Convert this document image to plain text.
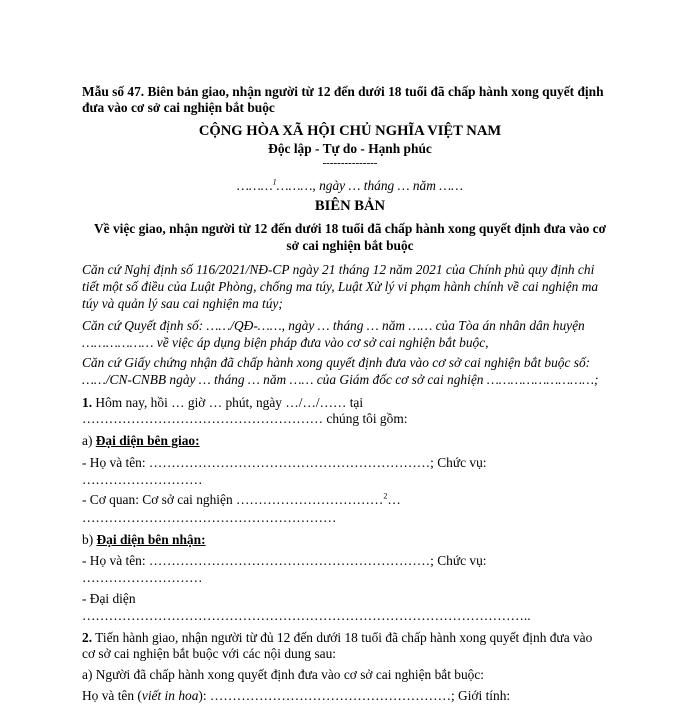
Mẫu số 47. Biên bản giao, nhận người từ 12 đến dưới 18 tuổi đã chấp hành xong quyết định
đưa vào cơ sở cai nghiện bắt buộc
CỘNG HÒA XÃ HỘI CHỦ NGHĨA VIỆT NAM
Độc lập - Tự do - Hạnh phúc
---------------
………$^1$………, ngày … tháng … năm ……
BIÊN BẢN
Về việc giao, nhận người từ 12 đến dưới 18 tuổi đã chấp hành xong quyết định đưa vào cơ
sở cai nghiện bắt buộc
Căn cứ Nghị định số 116/2021/NĐ-CP ngày 21 tháng 12 năm 2021 của Chính phủ quy định chi
tiết một số điều của Luật Phòng, chống ma túy, Luật Xử lý vi phạm hành chính về cai nghiện ma
túy và quản lý sau cai nghiện ma túy;
Căn cứ Quyết định số: ……/QĐ-……, ngày … tháng … năm …… của Tòa án nhân dân huyện
……………… về việc áp dụng biện pháp đưa vào cơ sở cai nghiện bắt buộc,
Căn cứ Giấy chứng nhận đã chấp hành xong quyết định đưa vào cơ sở cai nghiện bắt buộc số:
……/CN-CNBB ngày … tháng … năm …… của Giám đốc cơ sở cai nghiện ………………………;
1. Hôm nay, hồi … giờ … phút, ngày …/…/…… tại
……………………………………………… chúng tôi gồm:
a) Đại diện bên giao:
- Họ và tên: ………………………………………………………; Chức vụ:
………………………
- Cơ quan: Cơ sở cai nghiện ……………………………$^2$…
…………………………………………………
b) Đại diện bên nhận:
- Họ và tên: ………………………………………………………; Chức vụ:
………………………
- Đại diện
………………………………………………………………………………………..
2. Tiến hành giao, nhận người từ đủ 12 đến dưới 18 tuổi đã chấp hành xong quyết định đưa vào
cơ sở cai nghiện bắt buộc với các nội dung sau:
a) Người đã chấp hành xong quyết định đưa vào cơ sở cai nghiện bắt buộc:
Họ và tên (viết in hoa): ………………………………………………; Giới tính:
